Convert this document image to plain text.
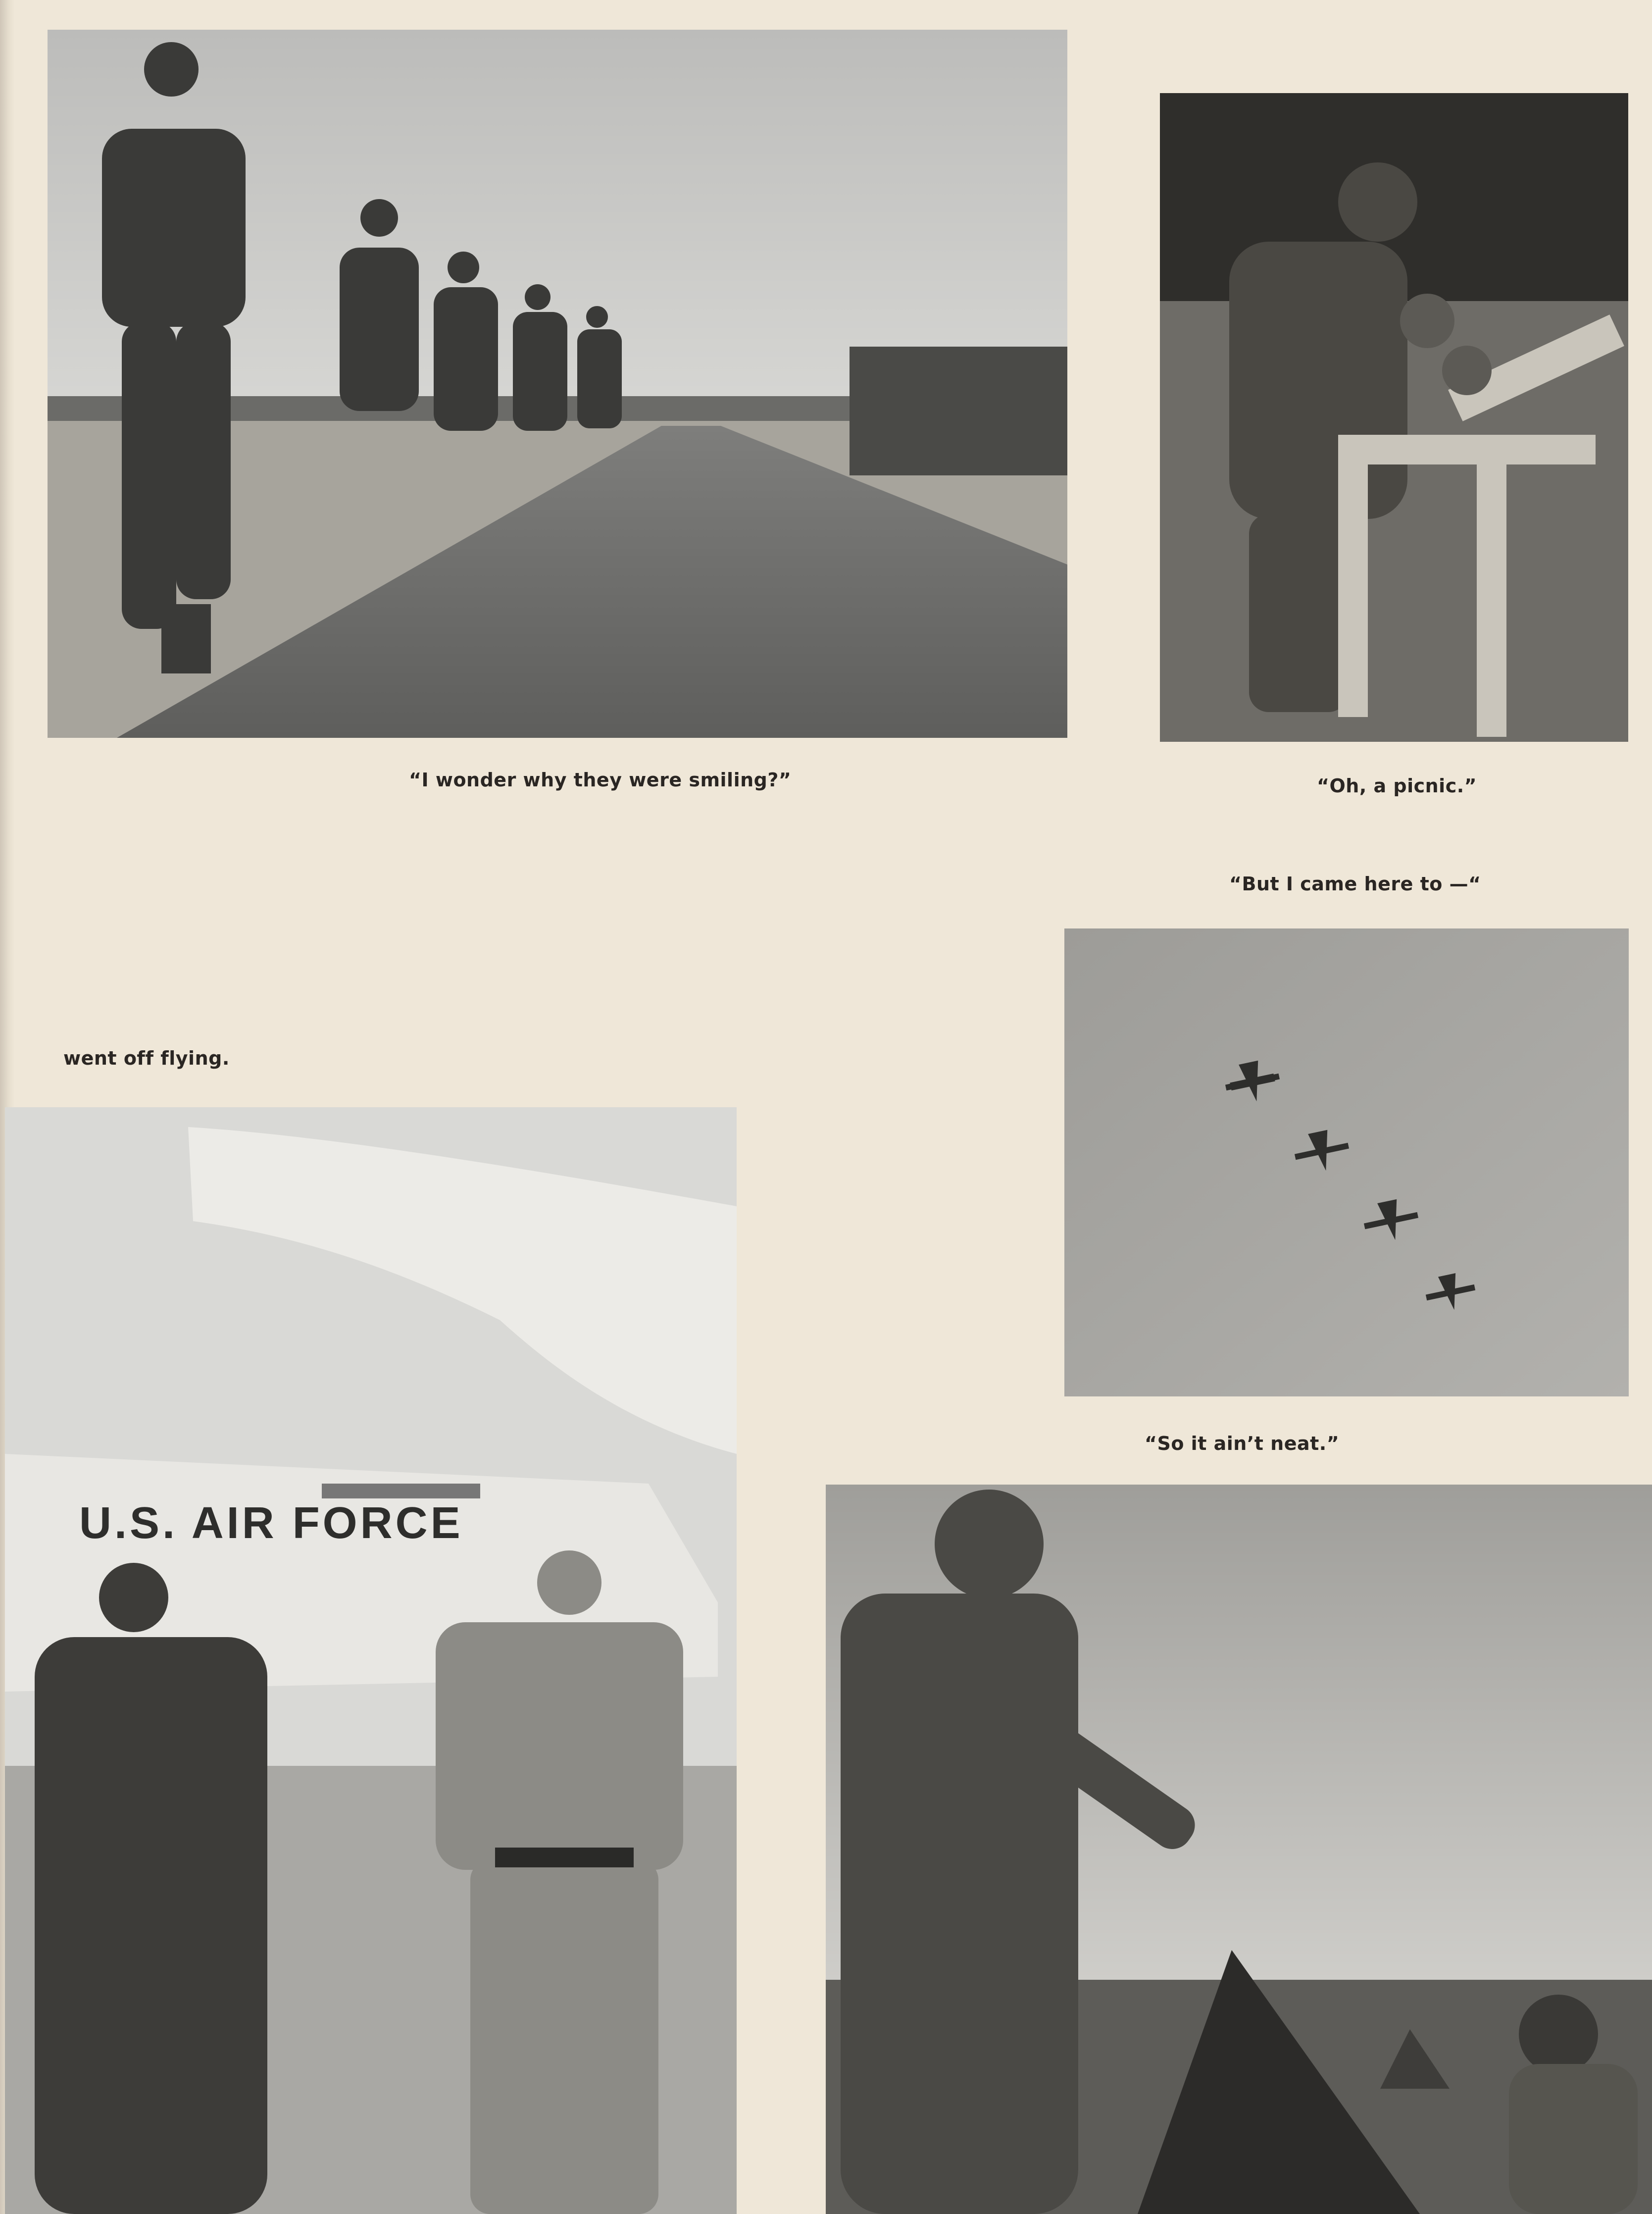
“I wonder why they were smiling?”	“Oh, a picnic.”
“But I came here to —“
went off flying.
“So it ain’t neat.”
U.S. AIR FORCE
